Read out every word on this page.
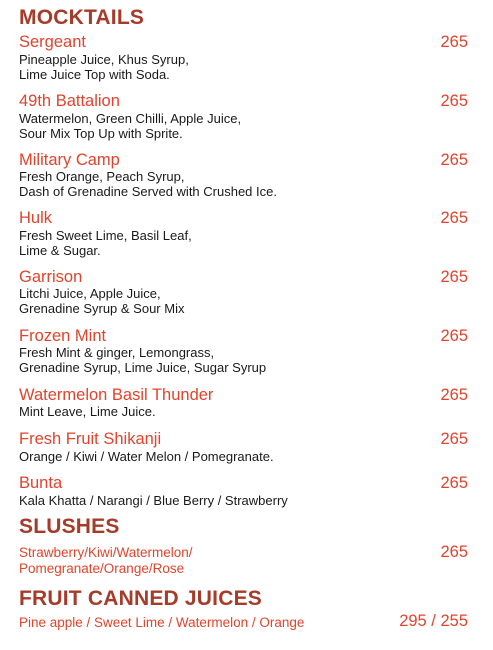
MOCKTAILS
Sergeant	265
Pineapple Juice, Khus Syrup,
Lime Juice Top with Soda.
49th Battalion	265
Watermelon, Green Chilli, Apple Juice,
Sour Mix Top Up with Sprite.
Military Camp	265
Fresh Orange, Peach Syrup,
Dash of Grenadine Served with Crushed Ice.
Hulk	265
Fresh Sweet Lime, Basil Leaf,
Lime & Sugar.
Garrison	265
Litchi Juice, Apple Juice,
Grenadine Syrup & Sour Mix
Frozen Mint	265
Fresh Mint & ginger, Lemongrass,
Grenadine Syrup, Lime Juice, Sugar Syrup
Watermelon Basil Thunder	265
Mint Leave, Lime Juice.
Fresh Fruit Shikanji	265
Orange / Kiwi / Water Melon / Pomegranate.
Bunta	265
Kala Khatta / Narangi / Blue Berry / Strawberry
SLUSHES
Strawberry/Kiwi/Watermelon/
Pomegranate/Orange/Rose
265
FRUIT CANNED JUICES
Pine apple / Sweet Lime / Watermelon / Orange	295 / 255
